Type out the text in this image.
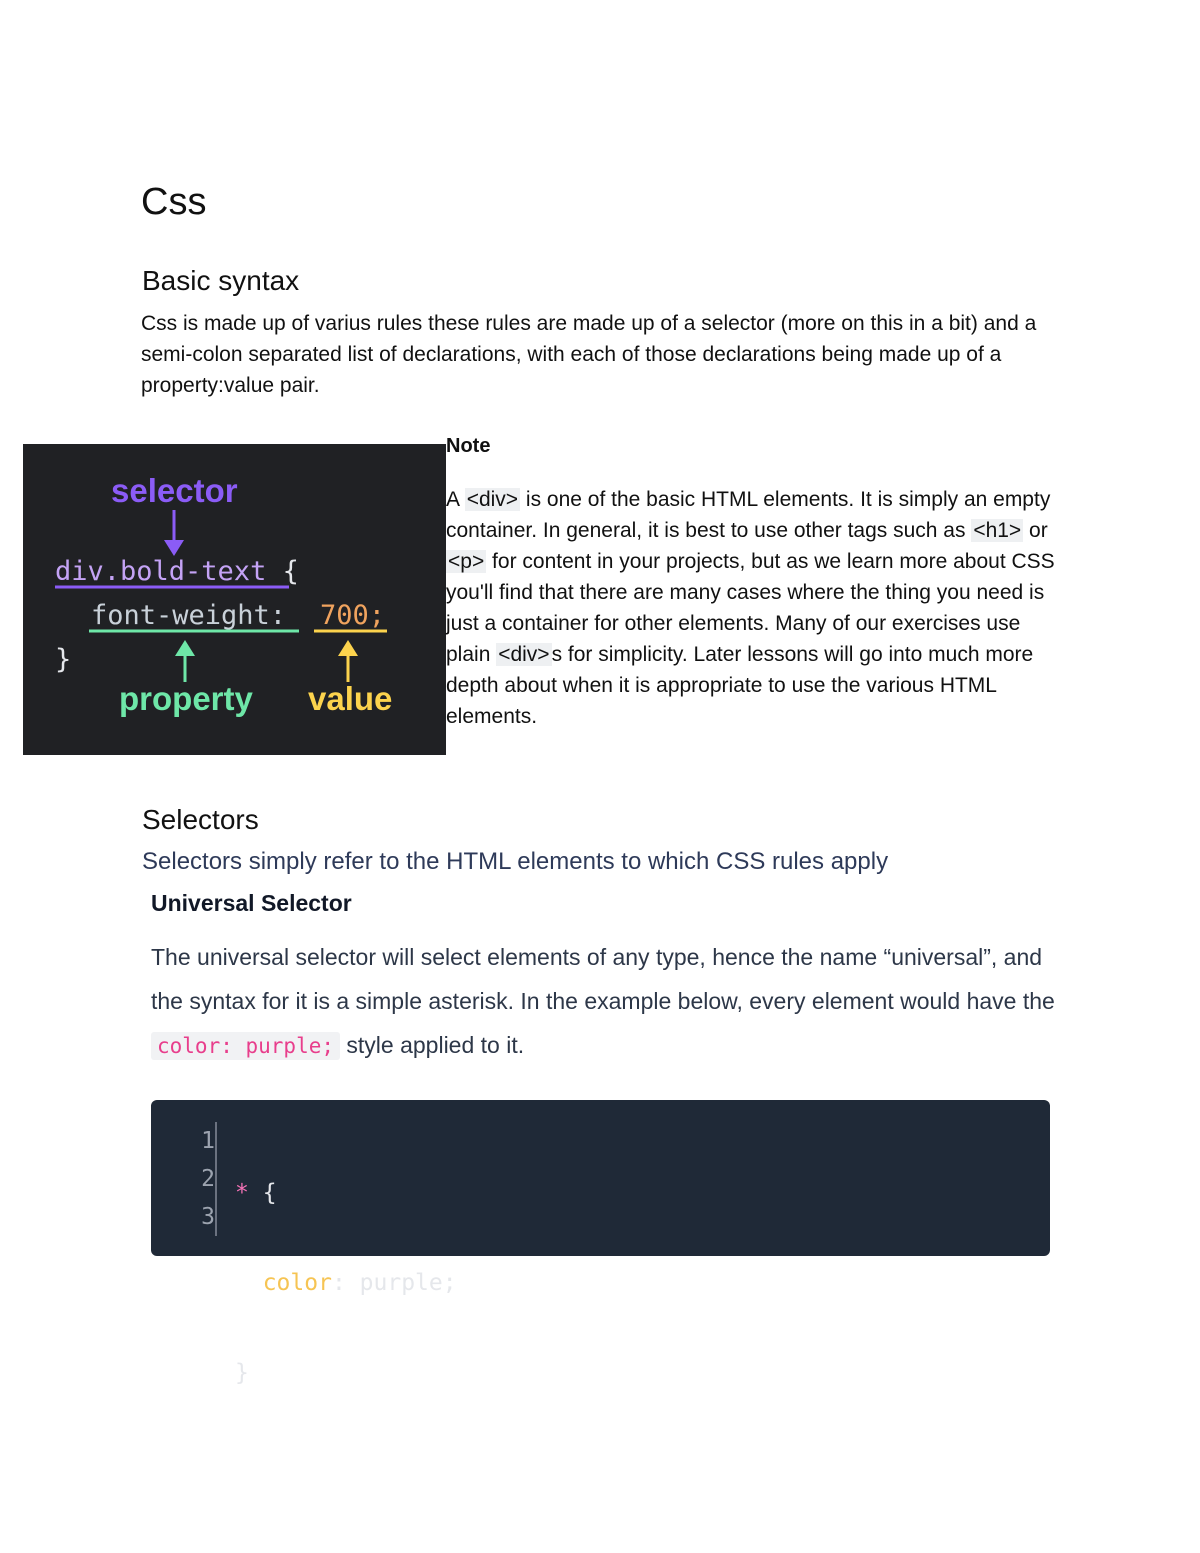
Css
Basic syntax

Css is made up of varius rules these rules are made up of a selector (more on this in a bit) and a semi-colon separated list of declarations, with each of those declarations being made up of a property:value pair.

selector
div.bold-text {
font-weight: 700;
}
property value

Note

A <div> is one of the basic HTML elements. It is simply an empty container. In general, it is best to use other tags such as <h1> or <p> for content in your projects, but as we learn more about CSS you'll find that there are many cases where the thing you need is just a container for other elements. Many of our exercises use plain <div>s for simplicity. Later lessons will go into much more depth about when it is appropriate to use the various HTML elements.

Selectors

Selectors simply refer to the HTML elements to which CSS rules apply

Universal Selector

The universal selector will select elements of any type, hence the name “universal”, and the syntax for it is a simple asterisk. In the example below, every element would have the color: purple; style applied to it.

1
2
3

* {

color: purple;

}
